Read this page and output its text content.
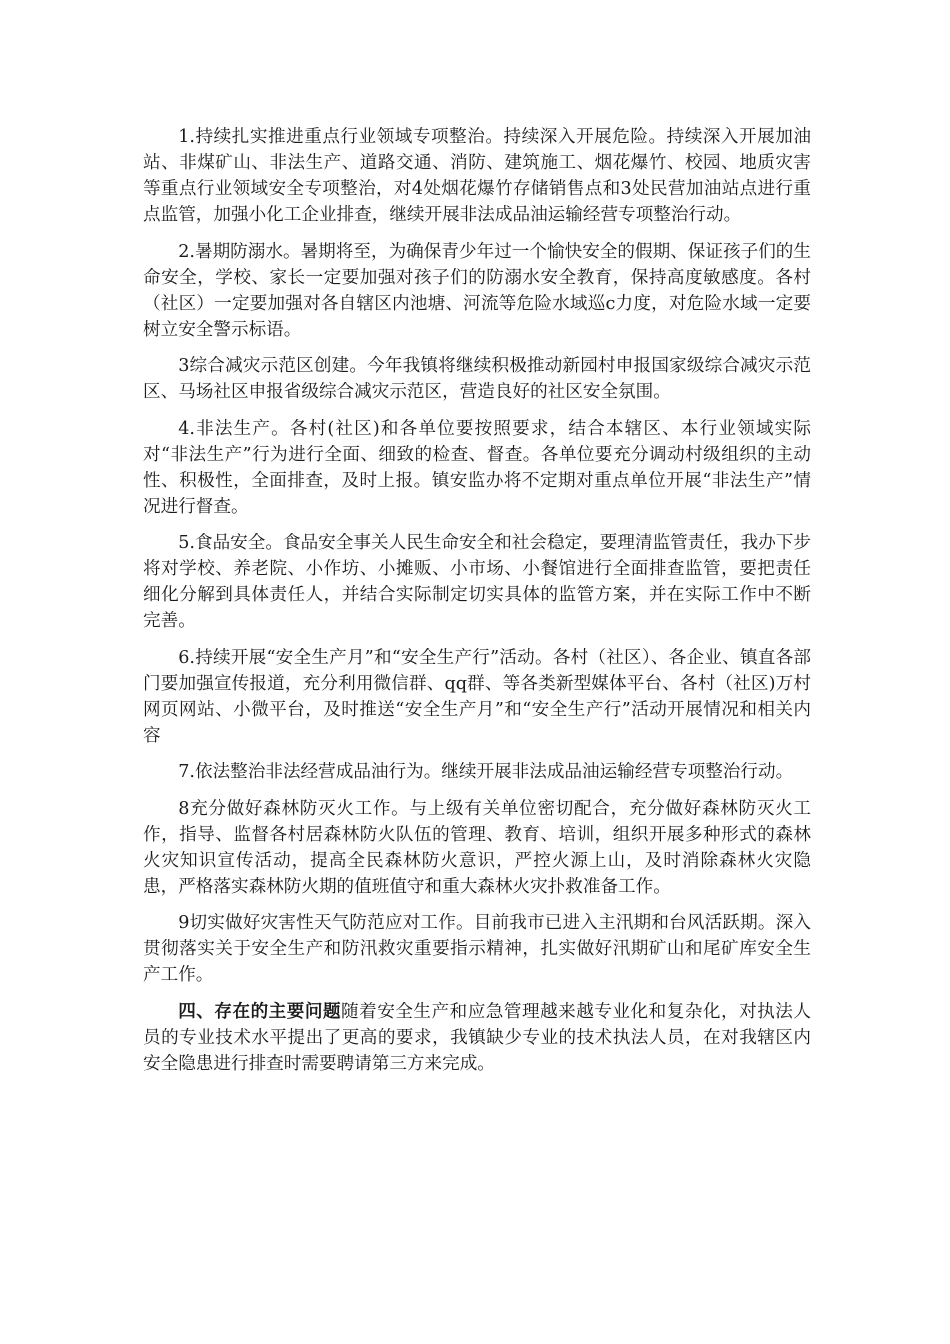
1.持续扎实推进重点行业领域专项整治。持续深入开展危险。持续深入开展加油站、非煤矿山、非法生产、道路交通、消防、建筑施工、烟花爆竹、校园、地质灾害等重点行业领域安全专项整治，对4处烟花爆竹存储销售点和3处民营加油站点进行重点监管，加强小化工企业排查，继续开展非法成品油运输经营专项整治行动。

2.暑期防溺水。暑期将至，为确保青少年过一个愉快安全的假期、保证孩子们的生命安全，学校、家长一定要加强对孩子们的防溺水安全教育，保持高度敏感度。各村（社区）一定要加强对各自辖区内池塘、河流等危险水域巡c力度，对危险水域一定要树立安全警示标语。

3综合减灾示范区创建。今年我镇将继续积极推动新园村申报国家级综合减灾示范区、马场社区申报省级综合减灾示范区，营造良好的社区安全氛围。

4.非法生产。各村(社区)和各单位要按照要求，结合本辖区、本行业领域实际对“非法生产”行为进行全面、细致的检查、督查。各单位要充分调动村级组织的主动性、积极性，全面排查，及时上报。镇安监办将不定期对重点单位开展“非法生产”情况进行督查。

5.食品安全。食品安全事关人民生命安全和社会稳定，要理清监管责任，我办下步将对学校、养老院、小作坊、小摊贩、小市场、小餐馆进行全面排查监管，要把责任细化分解到具体责任人，并结合实际制定切实具体的监管方案，并在实际工作中不断完善。

6.持续开展“安全生产月”和“安全生产行”活动。各村（社区）、各企业、镇直各部门要加强宣传报道，充分利用微信群、qq群、等各类新型媒体平台、各村（社区)万村网页网站、小微平台，及时推送“安全生产月”和“安全生产行”活动开展情况和相关内容

7.依法整治非法经营成品油行为。继续开展非法成品油运输经营专项整治行动。

8充分做好森林防灭火工作。与上级有关单位密切配合，充分做好森林防灭火工作，指导、监督各村居森林防火队伍的管理、教育、培训，组织开展多种形式的森林火灾知识宣传活动，提高全民森林防火意识，严控火源上山，及时消除森林火灾隐患，严格落实森林防火期的值班值守和重大森林火灾扑救准备工作。

9切实做好灾害性天气防范应对工作。目前我市已进入主汛期和台风活跃期。深入贯彻落实关于安全生产和防汛救灾重要指示精神，扎实做好汛期矿山和尾矿库安全生产工作。

四、存在的主要问题随着安全生产和应急管理越来越专业化和复杂化，对执法人员的专业技术水平提出了更高的要求，我镇缺少专业的技术执法人员，在对我辖区内安全隐患进行排查时需要聘请第三方来完成。
